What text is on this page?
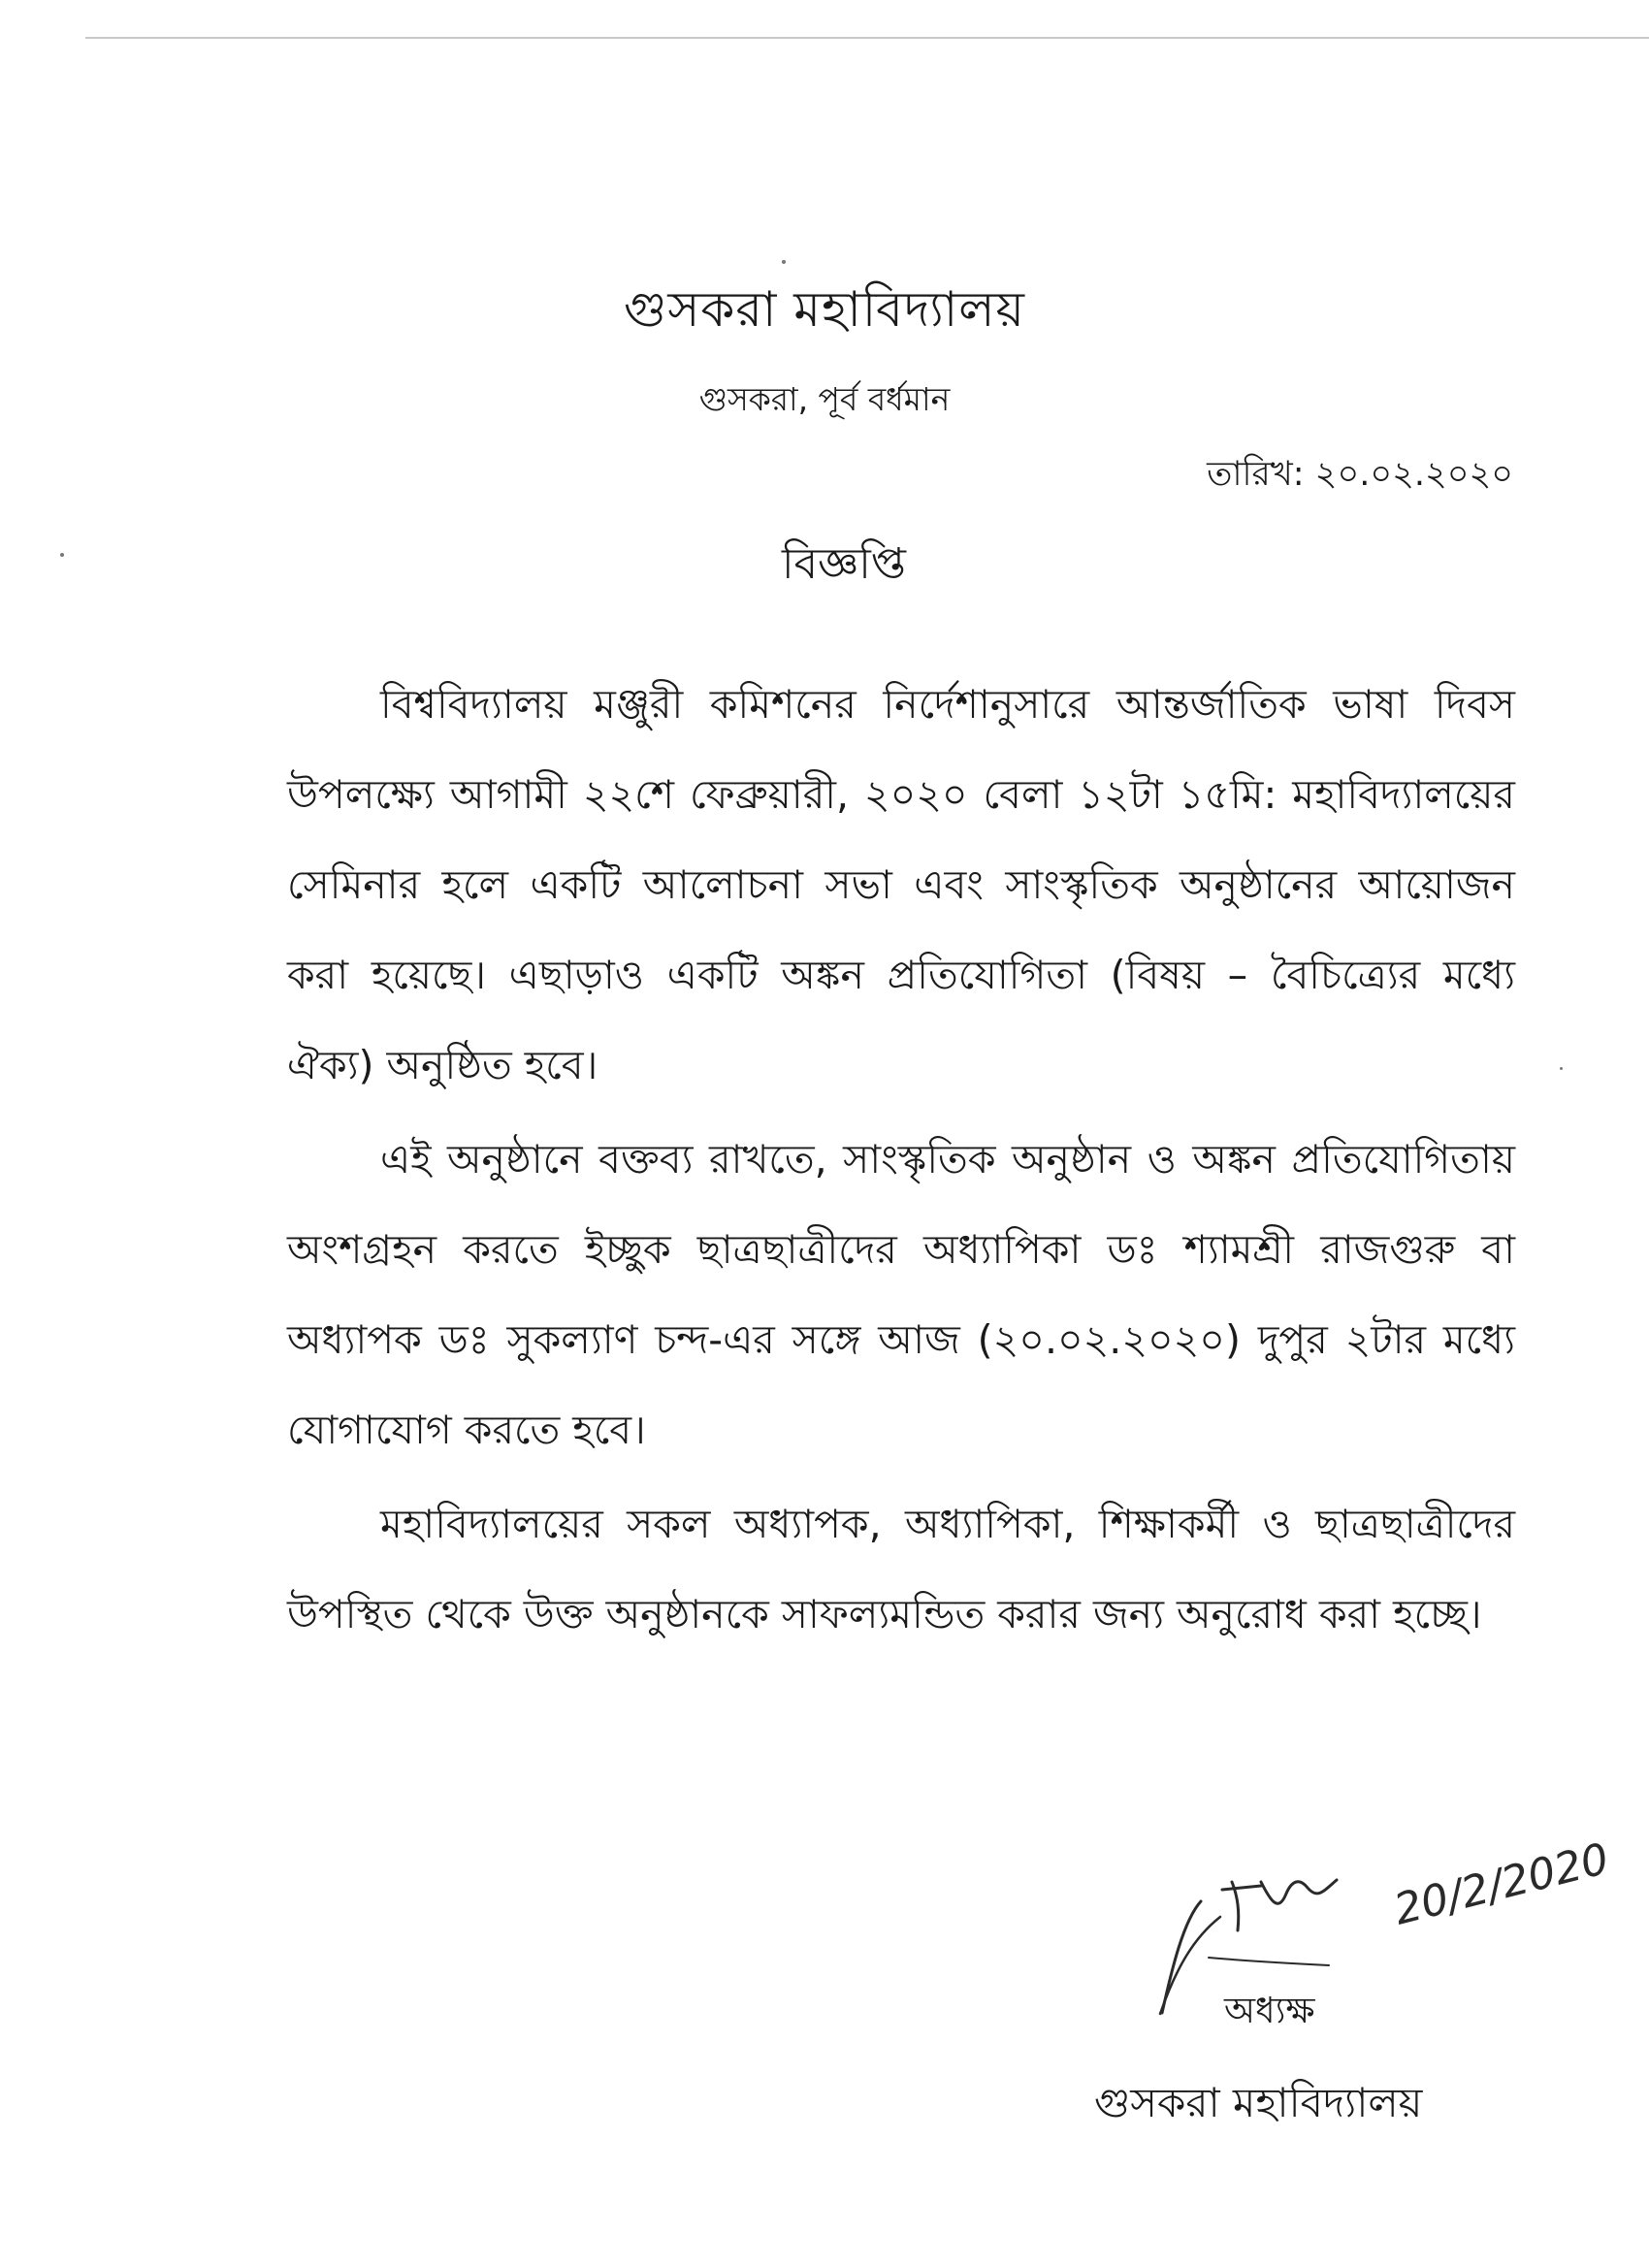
গুসকরা মহাবিদ্যালয়
গুসকরা, পূর্ব বর্ধমান
তারিখ: ২০.০২.২০২০
বিজ্ঞপ্তি

বিশ্ববিদ্যালয় মঞ্জুরী কমিশনের নির্দেশানুসারে আন্তর্জাতিক ভাষা দিবস উপলক্ষ্যে আগামী ২২শে ফেব্রুয়ারী, ২০২০ বেলা ১২টা ১৫মি: মহাবিদ্যালয়ের সেমিনার হলে একটি আলোচনা সভা এবং সাংস্কৃতিক অনুষ্ঠানের আয়োজন করা হয়েছে। এছাড়াও একটি অঙ্কন প্রতিযোগিতা (বিষয় – বৈচিত্র্যের মধ্যে ঐক্য) অনুষ্ঠিত হবে।

এই অনুষ্ঠানে বক্তব্য রাখতে, সাংস্কৃতিক অনুষ্ঠান ও অঙ্কন প্রতিযোগিতায় অংশগ্রহন করতে ইচ্ছুক ছাত্রছাত্রীদের অধ্যাপিকা ডঃ শ্যামশ্রী রাজগুরু বা অধ্যাপক ডঃ সুকল্যাণ চন্দ-এর সঙ্গে আজ (২০.০২.২০২০) দুপুর ২টার মধ্যে যোগাযোগ করতে হবে।

মহাবিদ্যালয়ের সকল অধ্যাপক, অধ্যাপিকা, শিক্ষাকর্মী ও ছাত্রছাত্রীদের উপস্থিত থেকে উক্ত অনুষ্ঠানকে সাফল্যমন্ডিত করার জন্য অনুরোধ করা হচ্ছে।

20/2/2020
অধ্যক্ষ
গুসকরা মহাবিদ্যালয়
